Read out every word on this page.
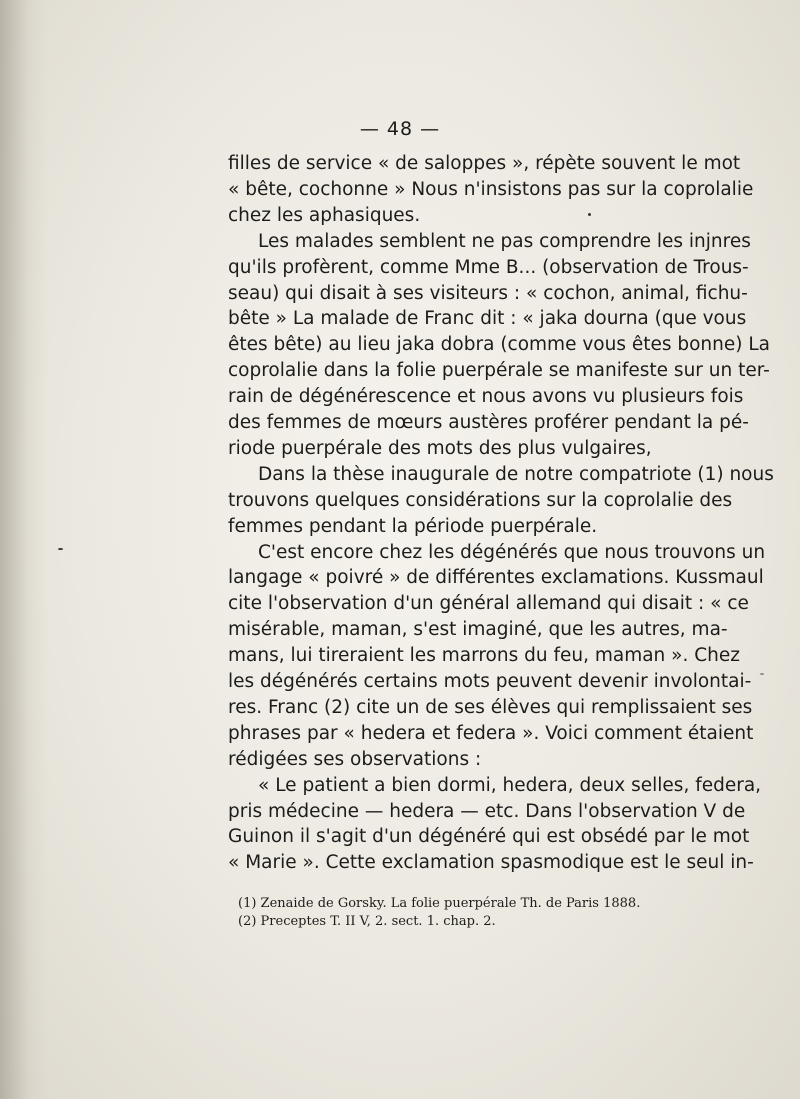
— 48 —
filles de service « de saloppes », répète souvent le mot
« bête, cochonne » Nous n'insistons pas sur la coprolalie
chez les aphasiques.
Les malades semblent ne pas comprendre les injnres
qu'ils profèrent, comme Mme B... (observation de Trous-
seau) qui disait à ses visiteurs : « cochon, animal, fichu-
bête » La malade de Franc dit : « jaka dourna (que vous
êtes bête) au lieu jaka dobra (comme vous êtes bonne) La
coprolalie dans la folie puerpérale se manifeste sur un ter-
rain de dégénérescence et nous avons vu plusieurs fois
des femmes de mœurs austères proférer pendant la pé-
riode puerpérale des mots des plus vulgaires,
Dans la thèse inaugurale de notre compatriote (1) nous
trouvons quelques considérations sur la coprolalie des
femmes pendant la période puerpérale.
C'est encore chez les dégénérés que nous trouvons un
langage « poivré » de différentes exclamations. Kussmaul
cite l'observation d'un général allemand qui disait : « ce
misérable, maman, s'est imaginé, que les autres, ma-
mans, lui tireraient les marrons du feu, maman ». Chez
les dégénérés certains mots peuvent devenir involontai-
res. Franc (2) cite un de ses élèves qui remplissaient ses
phrases par « hedera et federa ». Voici comment étaient
rédigées ses observations :
« Le patient a bien dormi, hedera, deux selles, federa,
pris médecine — hedera — etc. Dans l'observation V de
Guinon il s'agit d'un dégénéré qui est obsédé par le mot
« Marie ». Cette exclamation spasmodique est le seul in-
(1) Zenaide de Gorsky. La folie puerpérale Th. de Paris 1888.
(2) Preceptes T. II V, 2. sect. 1. chap. 2.
